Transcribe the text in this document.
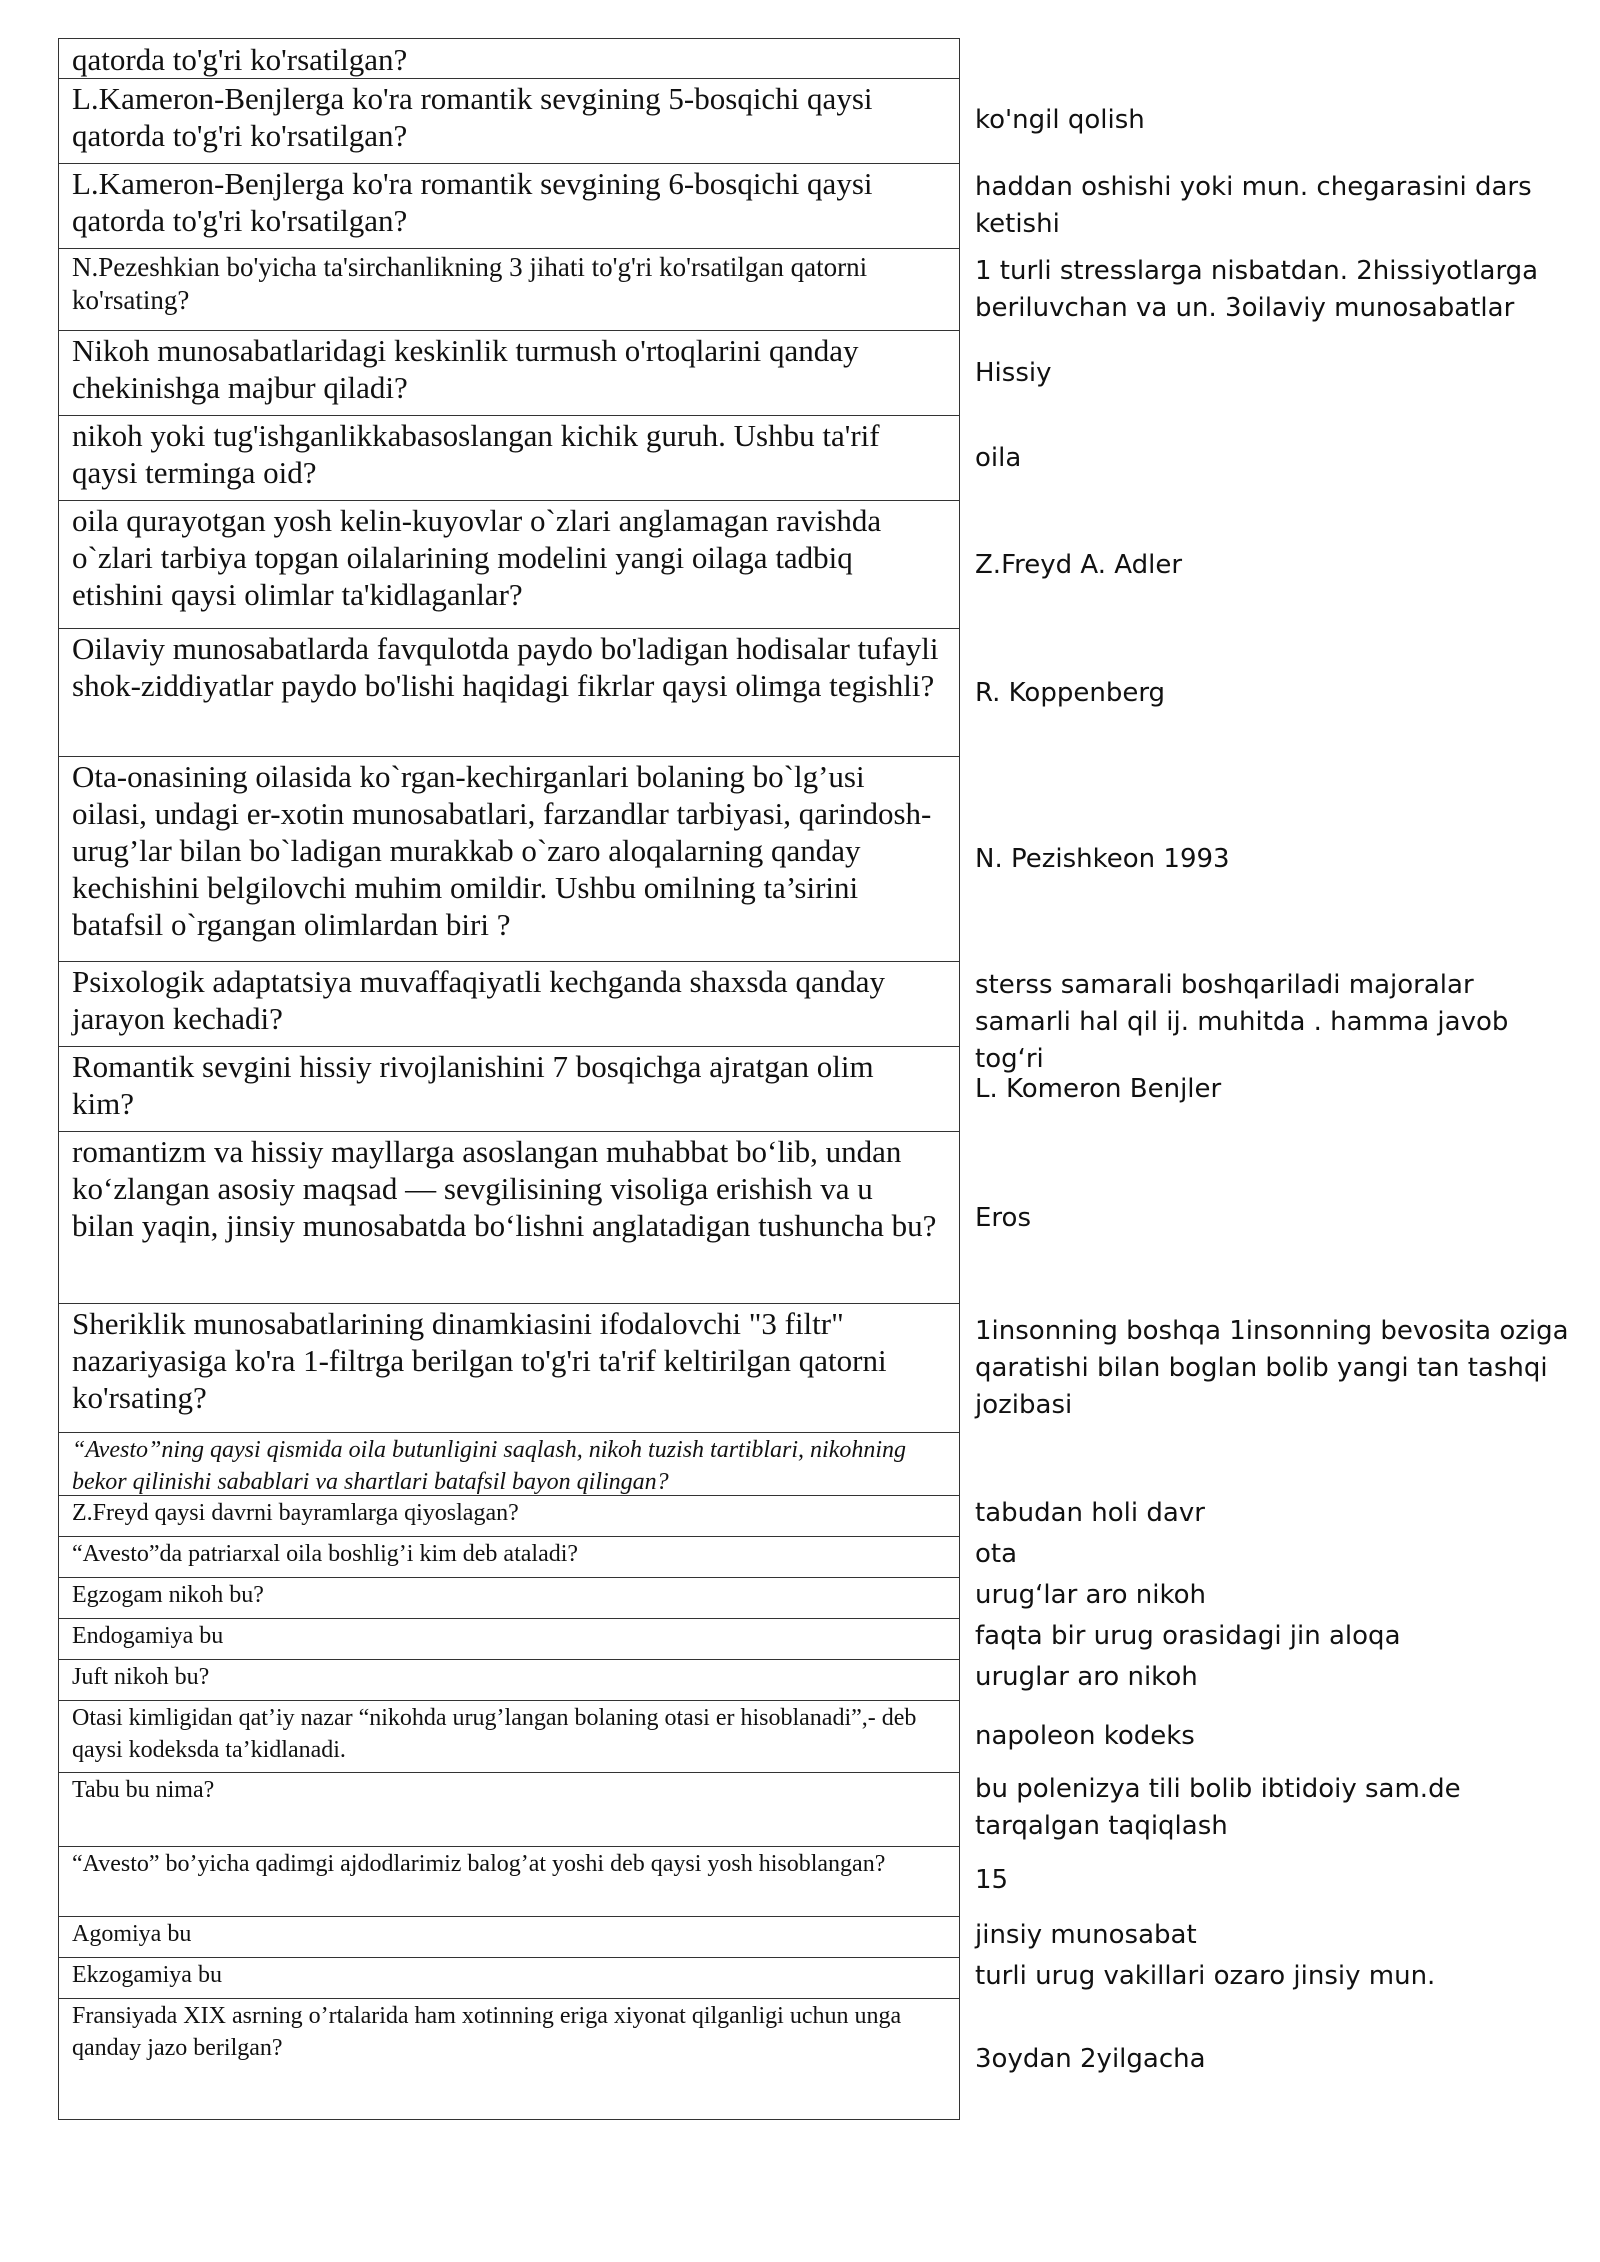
qatorda to'g'ri ko'rsatilgan?
L.Kameron-Benjlerga ko'ra romantik sevgining 5-bosqichi qaysi qatorda to'g'ri ko'rsatilgan?
L.Kameron-Benjlerga ko'ra romantik sevgining 6-bosqichi qaysi qatorda to'g'ri ko'rsatilgan?
N.Pezeshkian bo'yicha ta'sirchanlikning 3 jihati to'g'ri ko'rsatilgan qatorni ko'rsating?
Nikoh munosabatlaridagi keskinlik turmush o'rtoqlarini qanday chekinishga majbur qiladi?
nikoh yoki tug'ishganlikkabasoslangan kichik guruh. Ushbu ta'rif qaysi terminga oid?
oila qurayotgan yosh kelin-kuyovlar o`zlari anglamagan ravishda o`zlari tarbiya topgan oilalarining modelini yangi oilaga tadbiq etishini qaysi olimlar ta'kidlaganlar?
Oilaviy munosabatlarda favqulotda paydo bo'ladigan hodisalar tufayli shok-ziddiyatlar paydo bo'lishi haqidagi fikrlar qaysi olimga tegishli?
Ota-onasining oilasida ko`rgan-kechirganlari bolaning bo`lg’usi oilasi, undagi er-xotin munosabatlari, farzandlar tarbiyasi, qarindosh-urug’lar bilan bo`ladigan murakkab o`zaro aloqalarning qanday kechishini belgilovchi muhim omildir. Ushbu omilning ta’sirini batafsil o`rgangan olimlardan biri ?
Psixologik adaptatsiya muvaffaqiyatli kechganda shaxsda qanday jarayon kechadi?
Romantik sevgini hissiy rivojlanishini 7 bosqichga ajratgan olim kim?
romantizm va hissiy mayllarga asoslangan muhabbat bo‘lib, undan ko‘zlangan asosiy maqsad — sevgilisining visoliga erishish va u bilan yaqin, jinsiy munosabatda bo‘lishni anglatadigan tushuncha bu?
Sheriklik munosabatlarining dinamkiasini ifodalovchi "3 filtr" nazariyasiga ko'ra 1-filtrga berilgan to'g'ri ta'rif keltirilgan qatorni ko'rsating?
“Avesto”ning qaysi qismida oila butunligini saqlash, nikoh tuzish tartiblari, nikohning bekor qilinishi sabablari va shartlari batafsil bayon qilingan?
Z.Freyd qaysi davrni bayramlarga qiyoslagan?
“Avesto”da patriarxal oila boshlig’i kim deb ataladi?
Egzogam nikoh bu?
Endogamiya bu
Juft nikoh bu?
Otasi kimligidan qat’iy nazar “nikohda urug’langan bolaning otasi er hisoblanadi”,- deb qaysi kodeksda ta’kidlanadi.
Tabu bu nima?
“Avesto” bo’yicha qadimgi ajdodlarimiz balog’at yoshi deb qaysi yosh hisoblangan?
Agomiya bu
Ekzogamiya bu
Fransiyada XIX asrning o’rtalarida ham xotinning eriga xiyonat qilganligi uchun unga qanday jazo berilgan?
ko'ngil qolish
haddan oshishi yoki mun. chegarasini dars ketishi
1 turli stresslarga nisbatdan. 2hissiyotlarga beriluvchan va un. 3oilaviy munosabatlar
Hissiy
oila
Z.Freyd A. Adler
R. Koppenberg
N. Pezishkeon 1993
sterss samarali boshqariladi majoralar samarli hal qil ij. muhitda . hamma javob tog‘ri
L. Komeron Benjler
Eros
1insonning boshqa 1insonning bevosita oziga qaratishi bilan boglan bolib yangi tan tashqi jozibasi
tabudan holi davr
ota
urug‘lar aro nikoh
faqta bir urug orasidagi jin aloqa
uruglar aro nikoh
napoleon kodeks
bu polenizya tili bolib ibtidoiy sam.de tarqalgan taqiqlash
15
jinsiy munosabat
turli urug vakillari ozaro jinsiy mun.
3oydan 2yilgacha
